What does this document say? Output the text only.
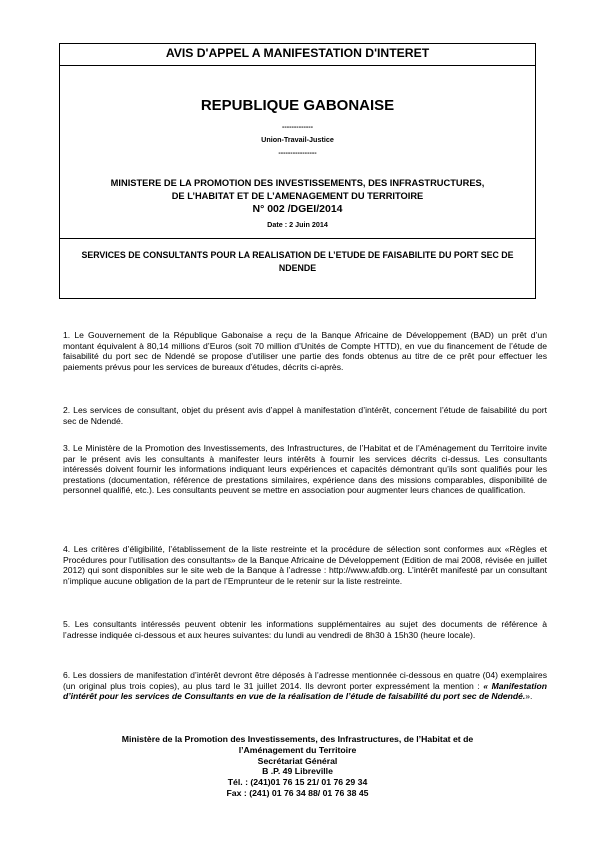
AVIS D'APPEL A MANIFESTATION D'INTERET
REPUBLIQUE GABONAISE
-------------
Union-Travail-Justice
----------------
MINISTERE DE LA PROMOTION DES INVESTISSEMENTS, DES INFRASTRUCTURES,
DE L’HABITAT ET DE L’AMENAGEMENT DU TERRITOIRE
N° 002 /DGEI/2014
Date : 2 Juin 2014
SERVICES DE CONSULTANTS POUR LA REALISATION DE L’ETUDE DE FAISABILITE DU PORT SEC DE
NDENDE

1. Le Gouvernement de la République Gabonaise a reçu de la Banque Africaine de Développement (BAD) un prêt d’un montant équivalent à 80,14 millions d’Euros (soit 70 million d’Unités de Compte HTTD), en vue du financement de l’étude de faisabilité du port sec de Ndendé se propose d’utiliser une partie des fonds obtenus au titre de ce prêt pour effectuer les paiements prévus pour les services de bureaux d’études, décrits ci-après.

2. Les services de consultant, objet du présent avis d’appel à manifestation d’intérêt, concernent l’étude de faisabilité du port sec de Ndendé.

3. Le Ministère de la Promotion des Investissements, des Infrastructures, de l’Habitat et de l’Aménagement du Territoire invite par le présent avis les consultants à manifester leurs intérêts à fournir les services décrits ci-dessus. Les consultants intéressés doivent fournir les informations indiquant leurs expériences et capacités démontrant qu’ils sont qualifiés pour les prestations (documentation, référence de prestations similaires, expérience dans des missions comparables, disponibilité de personnel qualifié, etc.). Les consultants peuvent se mettre en association pour augmenter leurs chances de qualification.

4. Les critères d’éligibilité, l’établissement de la liste restreinte et la procédure de sélection sont conformes aux «Règles et Procédures pour l’utilisation des consultants» de la Banque Africaine de Développement (Edition de mai 2008, révisée en juillet 2012) qui sont disponibles sur le site web de la Banque à l’adresse : http://www.afdb.org. L’intérêt manifesté par un consultant n’implique aucune obligation de la part de l’Emprunteur de le retenir sur la liste restreinte.

5. Les consultants intéressés peuvent obtenir les informations supplémentaires au sujet des documents de référence à l’adresse indiquée ci-dessous et aux heures suivantes: du lundi au vendredi de 8h30 à 15h30 (heure locale).

6. Les dossiers de manifestation d’intérêt devront être déposés à l’adresse mentionnée ci-dessous en quatre (04) exemplaires (un original plus trois copies), au plus tard le 31 juillet 2014. Ils devront porter expressément la mention : « Manifestation d’intérêt pour les services de Consultants en vue de la réalisation de l’étude de faisabilité du port sec de Ndendé.».

Ministère de la Promotion des Investissements, des Infrastructures, de l’Habitat et de
l’Aménagement du Territoire
Secrétariat Général
B .P. 49 Libreville
Tél. : (241)01 76 15 21/ 01 76 29 34
Fax : (241) 01 76 34 88/ 01 76 38 45
